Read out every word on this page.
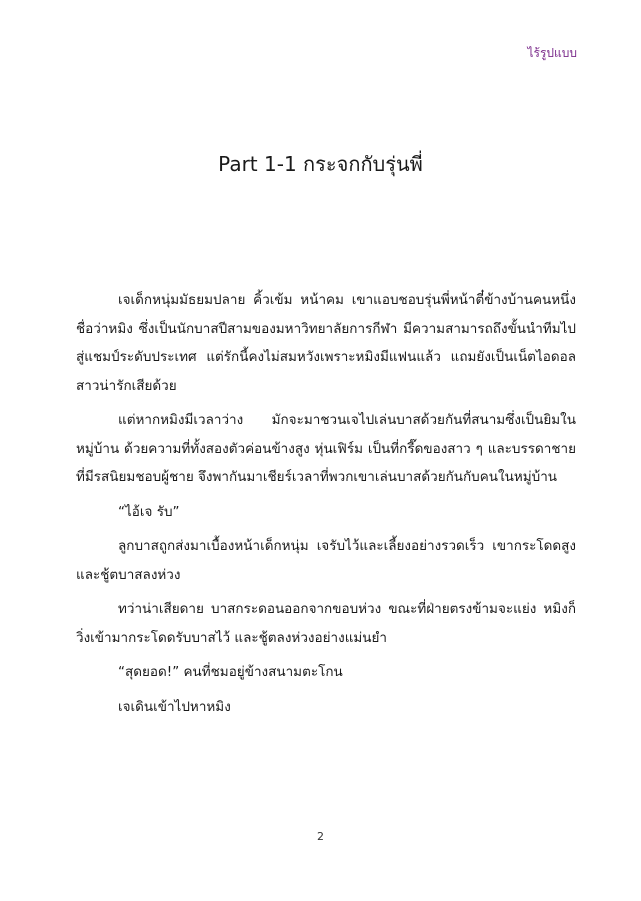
ไร้รูปแบบ
Part 1-1 กระจกกับรุ่นพี่

เจเด็กหนุ่มมัธยมปลาย คิ้วเข้ม หน้าคม เขาแอบชอบรุ่นพี่หน้าตี๋ข้างบ้านคนหนึ่งชื่อว่าหมิง ซึ่งเป็นนักบาสปีสามของมหาวิทยาลัยการกีฬา มีความสามารถถึงขั้นนำทีมไปสู่แชมป์ระดับประเทศ แต่รักนี้คงไม่สมหวังเพราะหมิงมีแฟนแล้ว แถมยังเป็นเน็ตไอดอลสาวน่ารักเสียด้วย

แต่หากหมิงมีเวลาว่าง มักจะมาชวนเจไปเล่นบาสด้วยกันที่สนามซึ่งเป็นยิมในหมู่บ้าน ด้วยความที่ทั้งสองตัวค่อนข้างสูง หุ่นเฟิร์ม เป็นที่กรี๊ดของสาว ๆ และบรรดาชายที่มีรสนิยมชอบผู้ชาย จึงพากันมาเชียร์เวลาที่พวกเขาเล่นบาสด้วยกันกับคนในหมู่บ้าน

“ไอ้เจ รับ”

ลูกบาสถูกส่งมาเบื้องหน้าเด็กหนุ่ม เจรับไว้และเลี้ยงอย่างรวดเร็ว เขากระโดดสูงและชู้ตบาสลงห่วง

ทว่าน่าเสียดาย บาสกระดอนออกจากขอบห่วง ขณะที่ฝ่ายตรงข้ามจะแย่ง หมิงก็วิ่งเข้ามากระโดดรับบาสไว้ และชู้ตลงห่วงอย่างแม่นยำ

“สุดยอด!” คนที่ชมอยู่ข้างสนามตะโกน

เจเดินเข้าไปหาหมิง

2
